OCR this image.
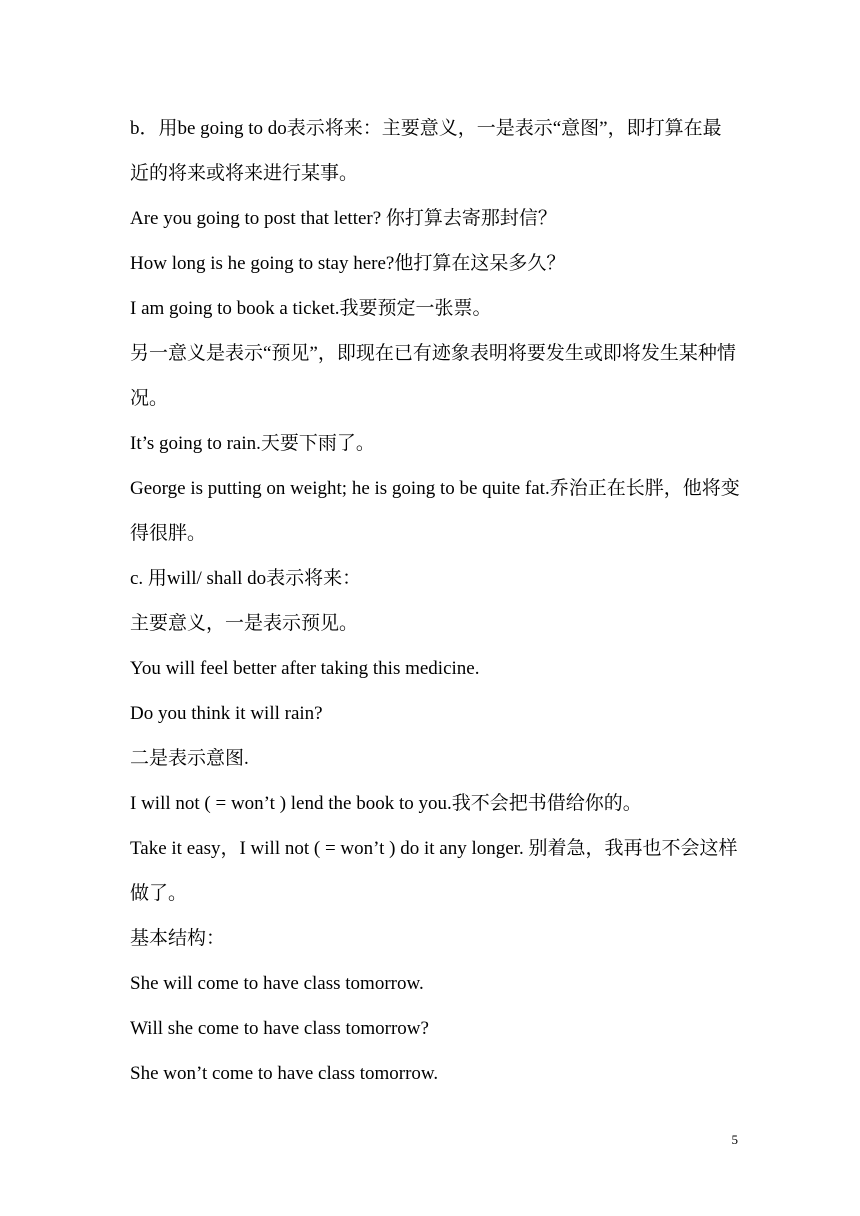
b．用be going to do表示将来：主要意义，一是表示“意图”，即打算在最近的将来或将来进行某事。
Are you going to post that letter? 你打算去寄那封信？
How long is he going to stay here?他打算在这呆多久？
I am going to book a ticket.我要预定一张票。
另一意义是表示“预见”，即现在已有迹象表明将要发生或即将发生某种情况。
It’s going to rain.天要下雨了。
George is putting on weight; he is going to be quite fat.乔治正在长胖，他将变得很胖。
c. 用will/ shall do表示将来：
主要意义，一是表示预见。
You will feel better after taking this medicine.
Do you think it will rain?
二是表示意图.
I will not ( = won’t ) lend the book to you.我不会把书借给你的。
Take it easy，I will not ( = won’t ) do it any longer. 别着急，我再也不会这样做了。
基本结构：
She will come to have class tomorrow.
Will she come to have class tomorrow?
She won’t come to have class tomorrow.
5
